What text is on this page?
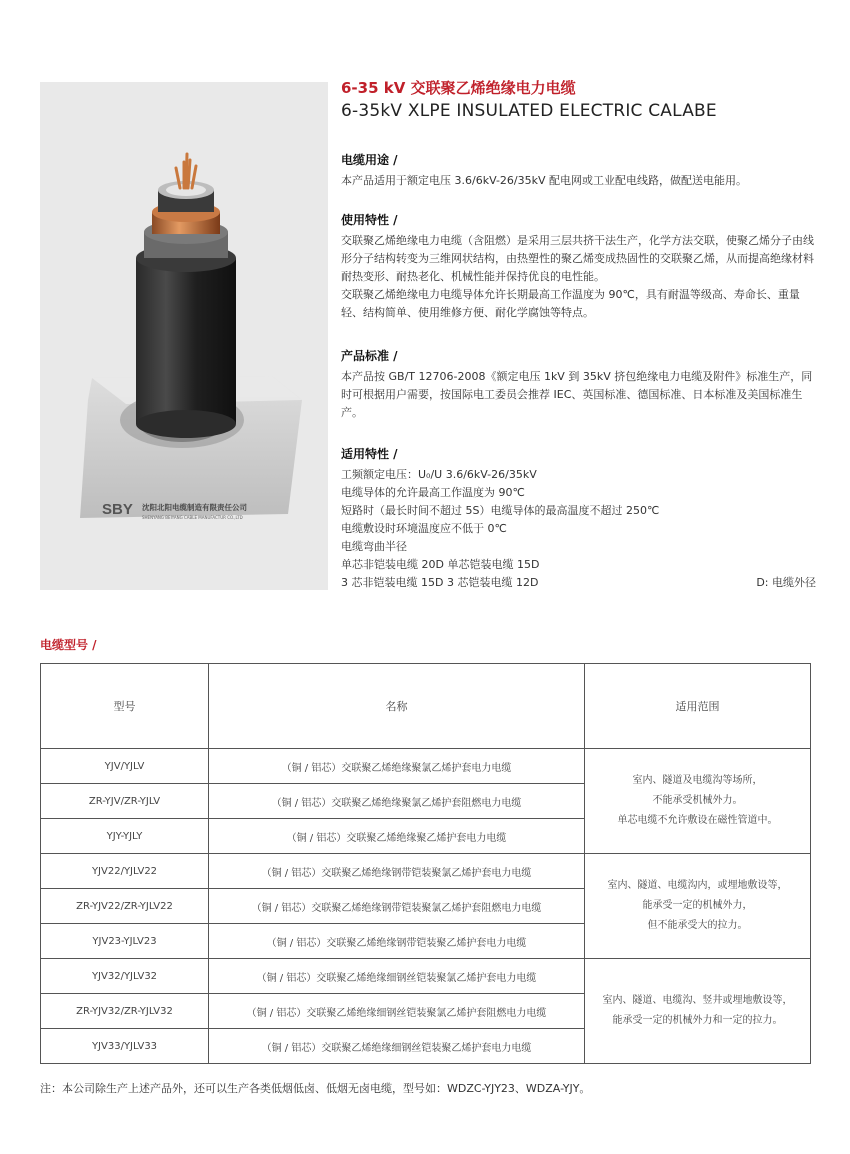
SBY 沈阳北阳电缆制造有限责任公司
SHENYANG BEIYANG CABLE MANUFACTUR CO.,LTD
6-35 kV 交联聚乙烯绝缘电力电缆
6-35kV XLPE INSULATED ELECTRIC CALABE
电缆用途 /
本产品适用于额定电压 3.6/6kV-26/35kV 配电网或工业配电线路，做配送电能用。
使用特性 /
交联聚乙烯绝缘电力电缆（含阻燃）是采用三层共挤干法生产，化学方法交联，使聚乙烯分子由线形分子结构转变为三维网状结构，由热塑性的聚乙烯变成热固性的交联聚乙烯，从而提高绝缘材料耐热变形、耐热老化、机械性能并保持优良的电性能。
交联聚乙烯绝缘电力电缆导体允许长期最高工作温度为 90℃，具有耐温等级高、寿命长、重量轻、结构简单、使用维修方便、耐化学腐蚀等特点。
产品标准 /
本产品按 GB/T 12706-2008《额定电压 1kV 到 35kV 挤包绝缘电力电缆及附件》标准生产，同时可根据用户需要，按国际电工委员会推荐 IEC、英国标准、德国标准、日本标准及美国标准生产。
适用特性 /
工频额定电压：U₀/U 3.6/6kV-26/35kV
电缆导体的允许最高工作温度为 90℃
短路时（最长时间不超过 5S）电缆导体的最高温度不超过 250℃
电缆敷设时环境温度应不低于 0℃
电缆弯曲半径
单芯非铠装电缆 20D 单芯铠装电缆 15D
3 芯非铠装电缆 15D 3 芯铠装电缆 12D	D: 电缆外径
电缆型号 /
型号	名称	适用范围
YJV/YJLV	（铜 / 铝芯）交联聚乙烯绝缘聚氯乙烯护套电力电缆	室内、隧道及电缆沟等场所，
不能承受机械外力。
单芯电缆不允许敷设在磁性管道中。

ZR-YJV/ZR-YJLV	（铜 / 铝芯）交联聚乙烯绝缘聚氯乙烯护套阻燃电力电缆	
YJY-YJLY	（铜 / 铝芯）交联聚乙烯绝缘聚乙烯护套电力电缆	
YJV22/YJLV22	（铜 / 铝芯）交联聚乙烯绝缘钢带铠装聚氯乙烯护套电力电缆	室内、隧道、电缆沟内，或埋地敷设等，
能承受一定的机械外力，
但不能承受大的拉力。

ZR-YJV22/ZR-YJLV22	（铜 / 铝芯）交联聚乙烯绝缘钢带铠装聚氯乙烯护套阻燃电力电缆	
YJV23-YJLV23	（铜 / 铝芯）交联聚乙烯绝缘钢带铠装聚乙烯护套电力电缆	
YJV32/YJLV32	（铜 / 铝芯）交联聚乙烯绝缘细钢丝铠装聚氯乙烯护套电力电缆	室内、隧道、电缆沟、竖井或埋地敷设等，
能承受一定的机械外力和一定的拉力。

ZR-YJV32/ZR-YJLV32	（铜 / 铝芯）交联聚乙烯绝缘细钢丝铠装聚氯乙烯护套阻燃电力电缆	
YJV33/YJLV33	（铜 / 铝芯）交联聚乙烯绝缘细钢丝铠装聚乙烯护套电力电缆	
注：本公司除生产上述产品外，还可以生产各类低烟低卤、低烟无卤电缆，型号如：WDZC-YJY23、WDZA-YJY。
